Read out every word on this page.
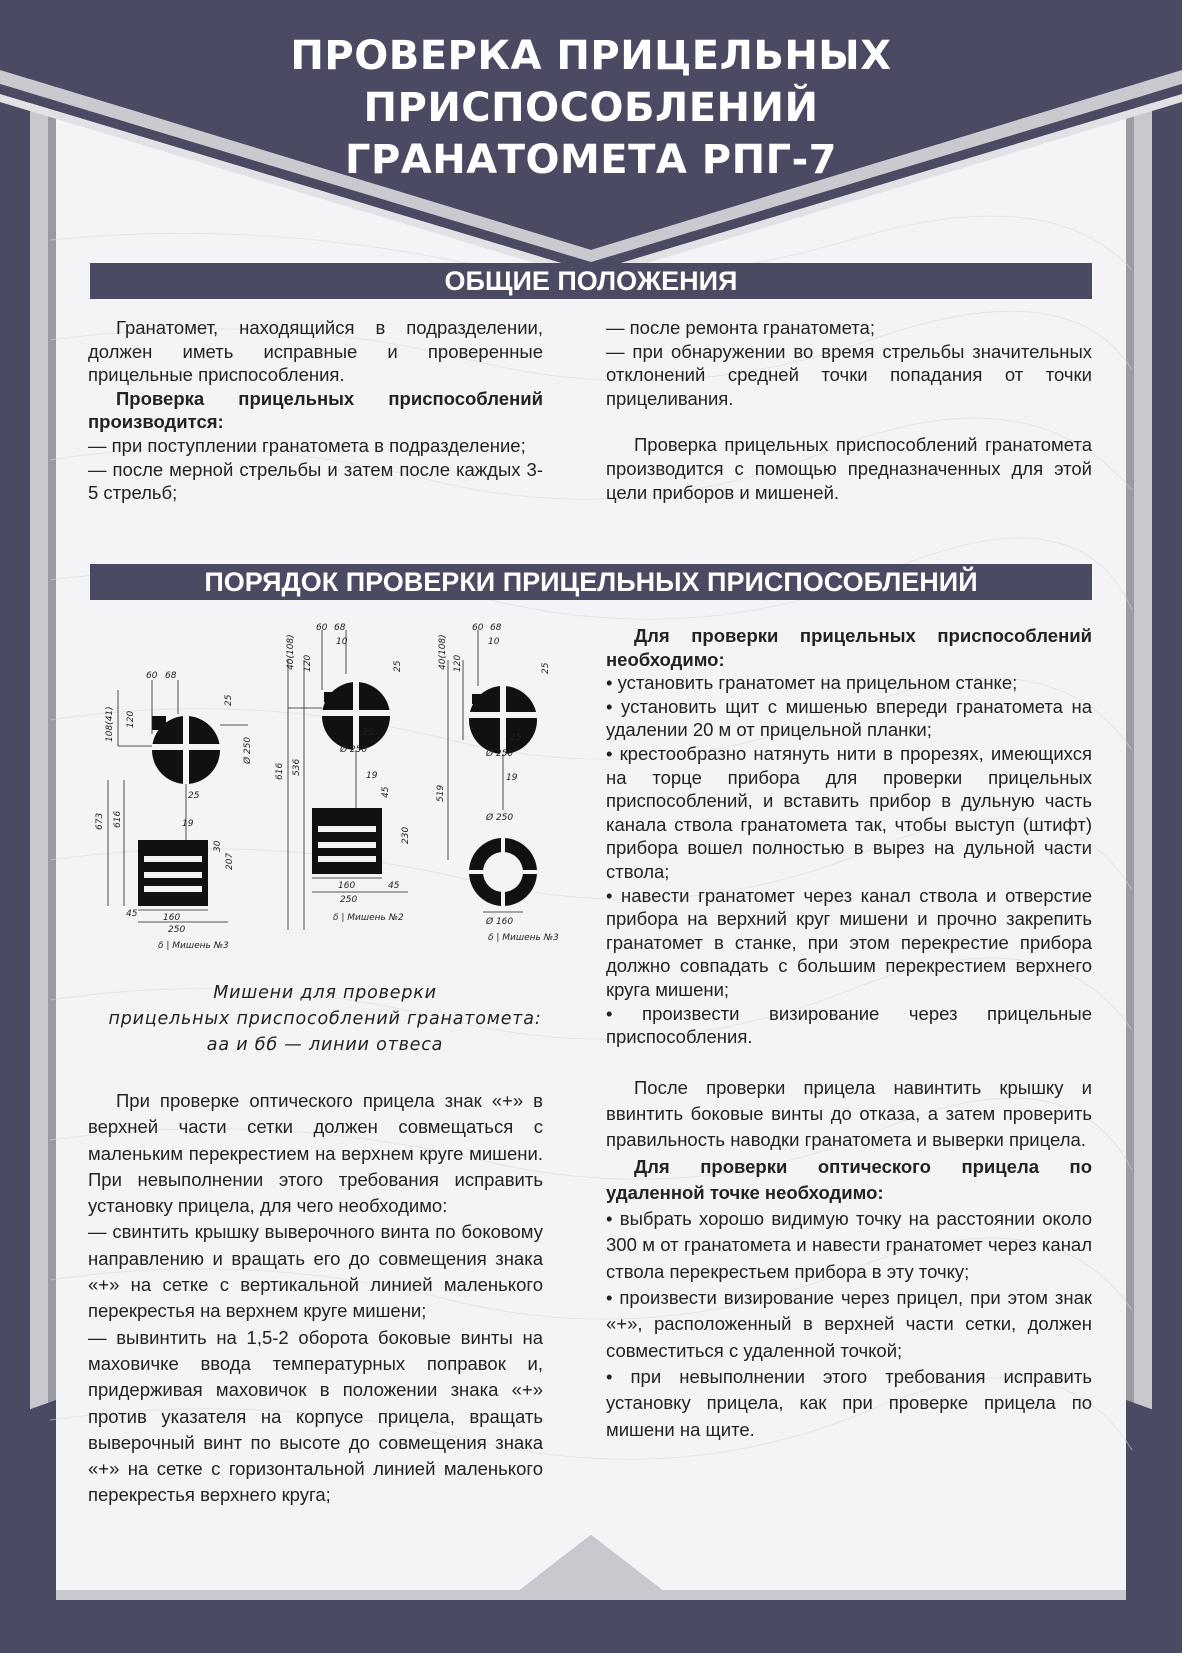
ПРОВЕРКА ПРИЦЕЛЬНЫХ ПРИСПОСОБЛЕНИЙ
ГРАНАТОМЕТА РПГ-7
ОБЩИЕ ПОЛОЖЕНИЯ

Гранатомет, находящийся в подразделении, должен иметь исправные и проверенные прицельные приспособления.

Проверка прицельных приспособлений производится:

— при поступлении гранатомета в подразделение;

— после мерной стрельбы и затем после каждых 3-5 стрельб;

— после ремонта гранатомета;

— при обнаружении во время стрельбы значительных отклонений средней точки попадания от точки прицеливания.

Проверка прицельных приспособлений гранатомета производится с помощью предназначенных для этой цели приборов и мишеней.

ПОРЯДОК ПРОВЕРКИ ПРИЦЕЛЬНЫХ ПРИСПОСОБЛЕНИЙ
60 68
25
Ø 250
108(41) 120
25
19
673 616
45	160
250
30
207
δ | Мишень №3
60 68
10
40(108) 120	25
25
Ø 250
616 536	19
45
230
160	45
250
δ | Мишень №2
60 68
10
40(108) 120	25
25
Ø 250
519
19
Ø 250
Ø 160
δ | Мишень №3
Мишени для проверки
прицельных приспособлений гранатомета:
аа и бб — линии отвеса

При проверке оптического прицела знак «+» в верхней части сетки должен совмещаться с маленьким перекрестием на верхнем круге мишени. При невыполнении этого требования исправить установку прицела, для чего необходимо:

— свинтить крышку выверочного винта по боковому направлению и вращать его до совмещения знака «+» на сетке с вертикальной линией маленького перекрестья на верхнем круге мишени;

— вывинтить на 1,5-2 оборота боковые винты на маховичке ввода температурных поправок и, придерживая маховичок в положении знака «+» против указателя на корпусе прицела, вращать выверочный винт по высоте до совмещения знака «+» на сетке с горизонтальной линией маленького перекрестья верхнего круга;

Для проверки прицельных приспособлений необходимо:

• установить гранатомет на прицельном станке;

• установить щит с мишенью впереди гранатомета на удалении 20 м от прицельной планки;

• крестообразно натянуть нити в прорезях, имеющихся на торце прибора для проверки прицельных приспособлений, и вставить прибор в дульную часть канала ствола гранатомета так, чтобы выступ (штифт) прибора вошел полностью в вырез на дульной части ствола;

• навести гранатомет через канал ствола и отверстие прибора на верхний круг мишени и прочно закрепить гранатомет в станке, при этом перекрестие прибора должно совпадать с большим перекрестием верхнего круга мишени;

• произвести визирование через прицельные приспособления.

После проверки прицела навинтить крышку и ввинтить боковые винты до отказа, а затем проверить правильность наводки гранатомета и выверки прицела.

Для проверки оптического прицела по удаленной точке необходимо:

• выбрать хорошо видимую точку на расстоянии около 300 м от гранатомета и навести гранатомет через канал ствола перекрестьем прибора в эту точку;

• произвести визирование через прицел, при этом знак «+», расположенный в верхней части сетки, должен совместиться с удаленной точкой;

• при невыполнении этого требования исправить установку прицела, как при проверке прицела по мишени на щите.
